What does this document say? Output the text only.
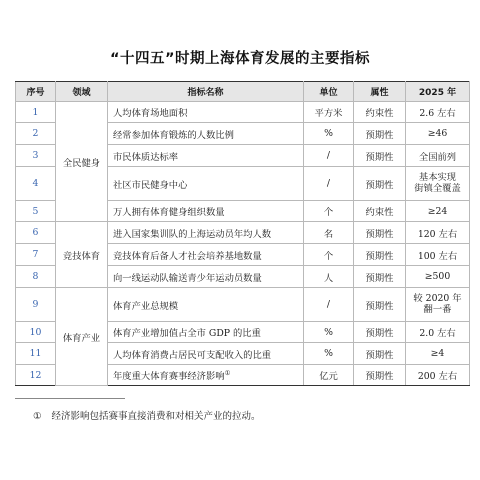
“十四五”时期上海体育发展的主要指标
序号	领域	指标名称	单位	属性	2025 年
1	全民健身	人均体育场地面积	平方米	约束性	2.6 左右
2		经常参加体育锻炼的人数比例	%	预期性	≥46
3		市民体质达标率	/	预期性	全国前列
4		社区市民健身中心	/	预期性	基本实现
街镇全覆盖
5		万人拥有体育健身组织数量	个	约束性	≥24
6	竞技体育	进入国家集训队的上海运动员年均人数	名	预期性	120 左右
7		竞技体育后备人才社会培养基地数量	个	预期性	100 左右
8		向一线运动队输送青少年运动员数量	人	预期性	≥500
9	体育产业	体育产业总规模	/	预期性	较 2020 年
翻一番
10		体育产业增加值占全市 GDP 的比重	%	预期性	2.0 左右
11		人均体育消费占居民可支配收入的比重	%	预期性	≥4
12		年度重大体育赛事经济影响①	亿元	预期性	200 左右
① 经济影响包括赛事直接消费和对相关产业的拉动。
